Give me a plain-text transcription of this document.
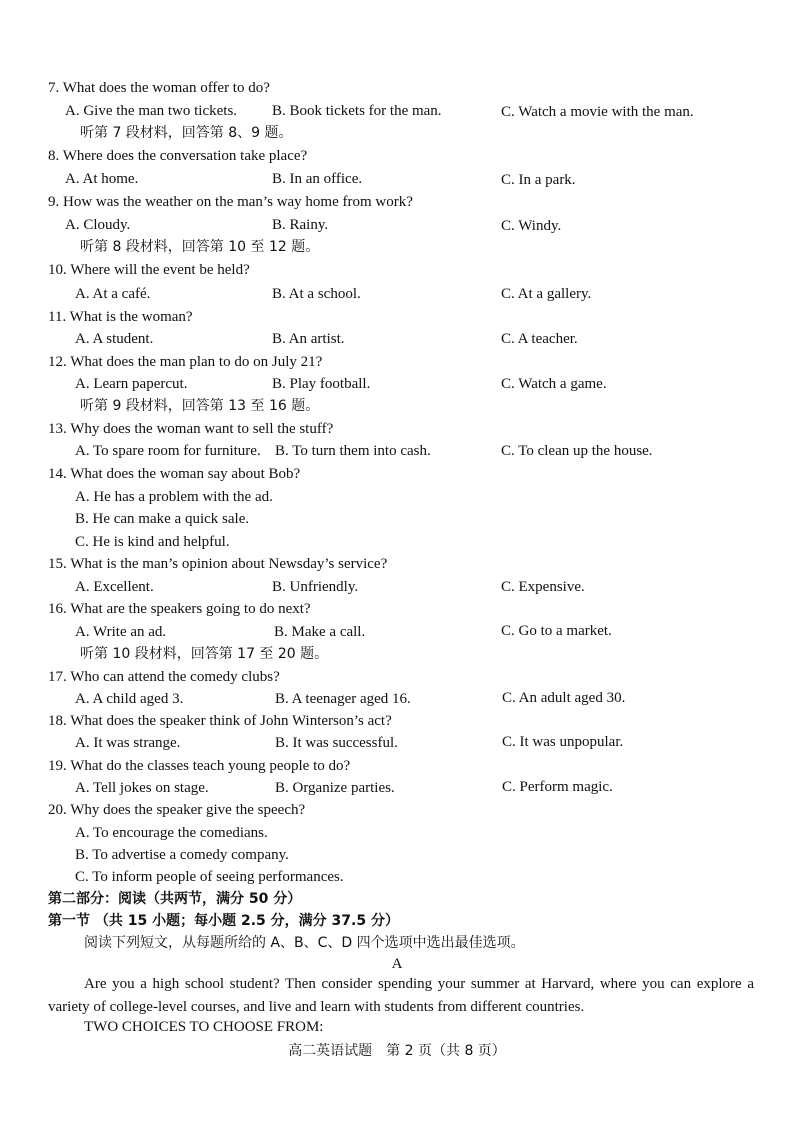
7. What does the woman offer to do?
A. Give the man two tickets. B. Book tickets for the man.	C. Watch a movie with the man.
听第 7 段材料，回答第 8、9 题。
8. Where does the conversation take place?
A. At home.	B. In an office.	C. In a park.
9. How was the weather on the man’s way home from work?
A. Cloudy.	B. Rainy.	C. Windy.
听第 8 段材料，回答第 10 至 12 题。
10. Where will the event be held?
A. At a café.	B. At a school.	C. At a gallery.
11. What is the woman?
A. A student.	B. An artist.	C. A teacher.
12. What does the man plan to do on July 21?
A. Learn papercut.	B. Play football.	C. Watch a game.
听第 9 段材料，回答第 13 至 16 题。
13. Why does the woman want to sell the stuff?
A. To spare room for furniture. B. To turn them into cash.	C. To clean up the house.
14. What does the woman say about Bob?
A. He has a problem with the ad.
B. He can make a quick sale.
C. He is kind and helpful.
15. What is the man’s opinion about Newsday’s service?
A. Excellent.	B. Unfriendly.	C. Expensive.
16. What are the speakers going to do next?
A. Write an ad.	B. Make a call.	C. Go to a market.
听第 10 段材料，回答第 17 至 20 题。
17. Who can attend the comedy clubs?
A. A child aged 3.	B. A teenager aged 16.	C. An adult aged 30.
18. What does the speaker think of John Winterson’s act?
A. It was strange.	B. It was successful.	C. It was unpopular.
19. What do the classes teach young people to do?
A. Tell jokes on stage.	B. Organize parties.	C. Perform magic.
20. Why does the speaker give the speech?
A. To encourage the comedians.
B. To advertise a comedy company.
C. To inform people of seeing performances.
第二部分：阅读（共两节，满分 50 分）
第一节 （共 15 小题；每小题 2.5 分，满分 37.5 分）
阅读下列短文，从每题所给的 A、B、C、D 四个选项中选出最佳选项。
A
Are you a high school student? Then consider spending your summer at Harvard, where you can explore a variety of college-level courses, and live and learn with students from different countries.
TWO CHOICES TO CHOOSE FROM:
高二英语试题　第 2 页（共 8 页）
